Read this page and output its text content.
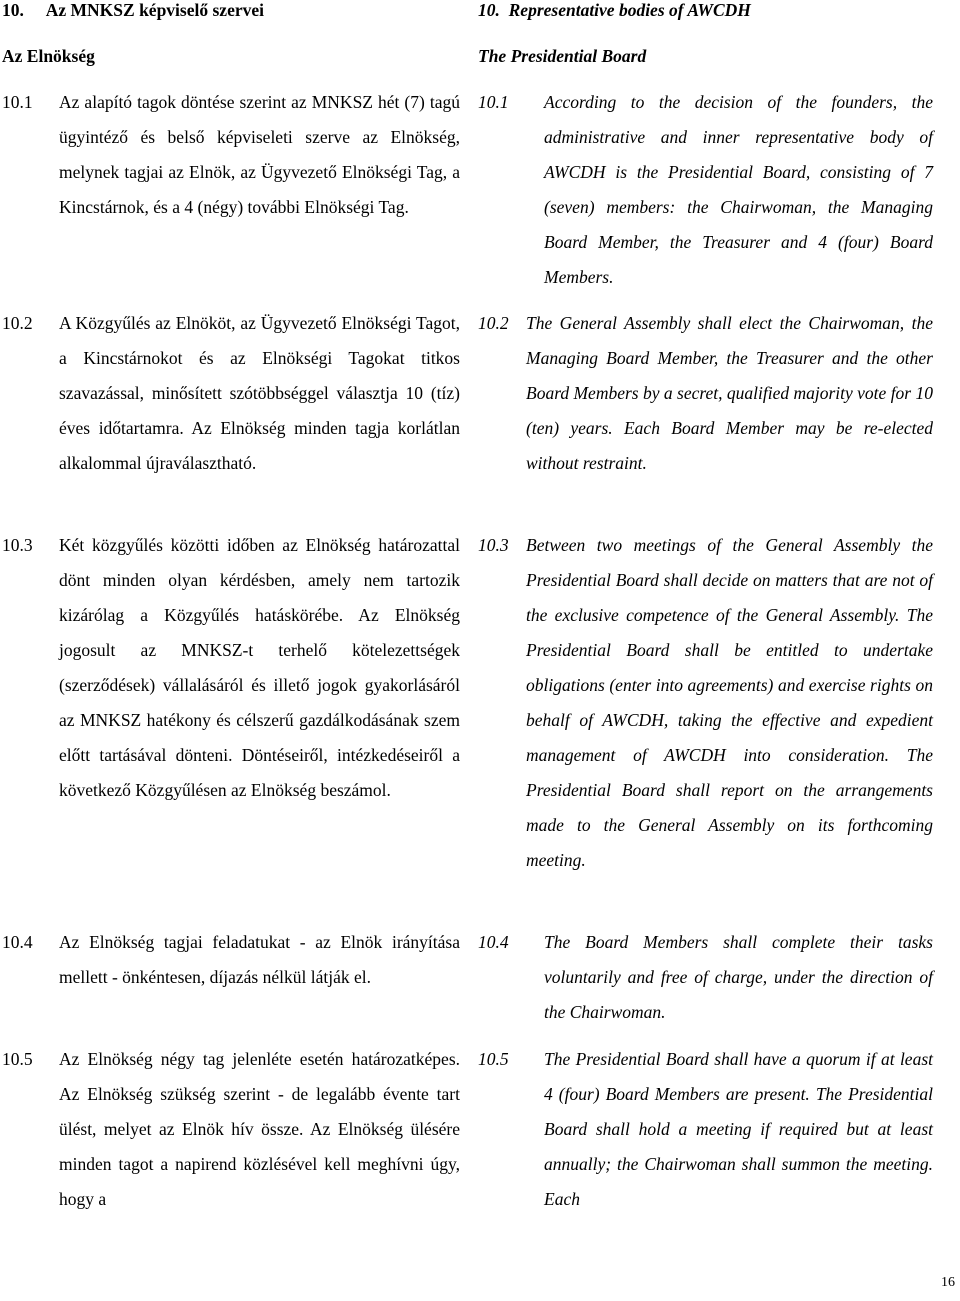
10.     Az MNKSZ képviselő szervei
Az Elnökség
10.1 Az alapító tagok döntése szerint az MNKSZ hét (7) tagú ügyintéző és belső képviseleti szerve az Elnökség, melynek tagjai az Elnök, az Ügyvezető Elnökségi Tag, a Kincstárnok, és a 4 (négy) további Elnökségi Tag.
10.2 A Közgyűlés az Elnököt, az Ügyvezető Elnökségi Tagot, a Kincstárnokot és az Elnökségi Tagokat titkos szavazással, minősített szótöbbséggel választja 10 (tíz) éves időtartamra. Az Elnökség minden tagja korlátlan alkalommal újraválasztható.
10.3 Két közgyűlés közötti időben az Elnökség határozattal dönt minden olyan kérdésben, amely nem tartozik kizárólag a Közgyűlés hatáskörébe. Az Elnökség jogosult az MNKSZ-t terhelő kötelezettségek (szerződések) vállalásáról és illető jogok gyakorlásáról az MNKSZ hatékony és célszerű gazdálkodásának szem előtt tartásával dönteni. Döntéseiről, intézkedéseiről a következő Közgyűlésen az Elnökség beszámol.
10.4 Az Elnökség tagjai feladatukat - az Elnök irányítása mellett - önkéntesen, díjazás nélkül látják el.
10.5 Az Elnökség négy tag jelenléte esetén határozatképes. Az Elnökség szükség szerint - de legalább évente tart ülést, melyet az Elnök hív össze. Az Elnökség ülésére minden tagot a napirend közlésével kell meghívni úgy, hogy a
10.  Representative bodies of AWCDH
The Presidential Board
10.1 According to the decision of the founders, the administrative and inner representative body of AWCDH is the Presidential Board, consisting of 7 (seven) members: the Chairwoman, the Managing Board Member, the Treasurer and 4 (four) Board Members.
10.2 The General Assembly shall elect the Chairwoman, the Managing Board Member, the Treasurer and the other Board Members by a secret, qualified majority vote for 10 (ten) years. Each Board Member may be re-elected without restraint.
10.3 Between two meetings of the General Assembly the Presidential Board shall decide on matters that are not of the exclusive competence of the General Assembly. The Presidential Board shall be entitled to undertake obligations (enter into agreements) and exercise rights on behalf of AWCDH, taking the effective and expedient management of AWCDH into consideration. The Presidential Board shall report on the arrangements made to the General Assembly on its forthcoming meeting.
10.4 The Board Members shall complete their tasks voluntarily and free of charge, under the direction of the Chairwoman.
10.5 The Presidential Board shall have a quorum if at least 4 (four) Board Members are present. The Presidential Board shall hold a meeting if required but at least annually; the Chairwoman shall summon the meeting. Each
16
